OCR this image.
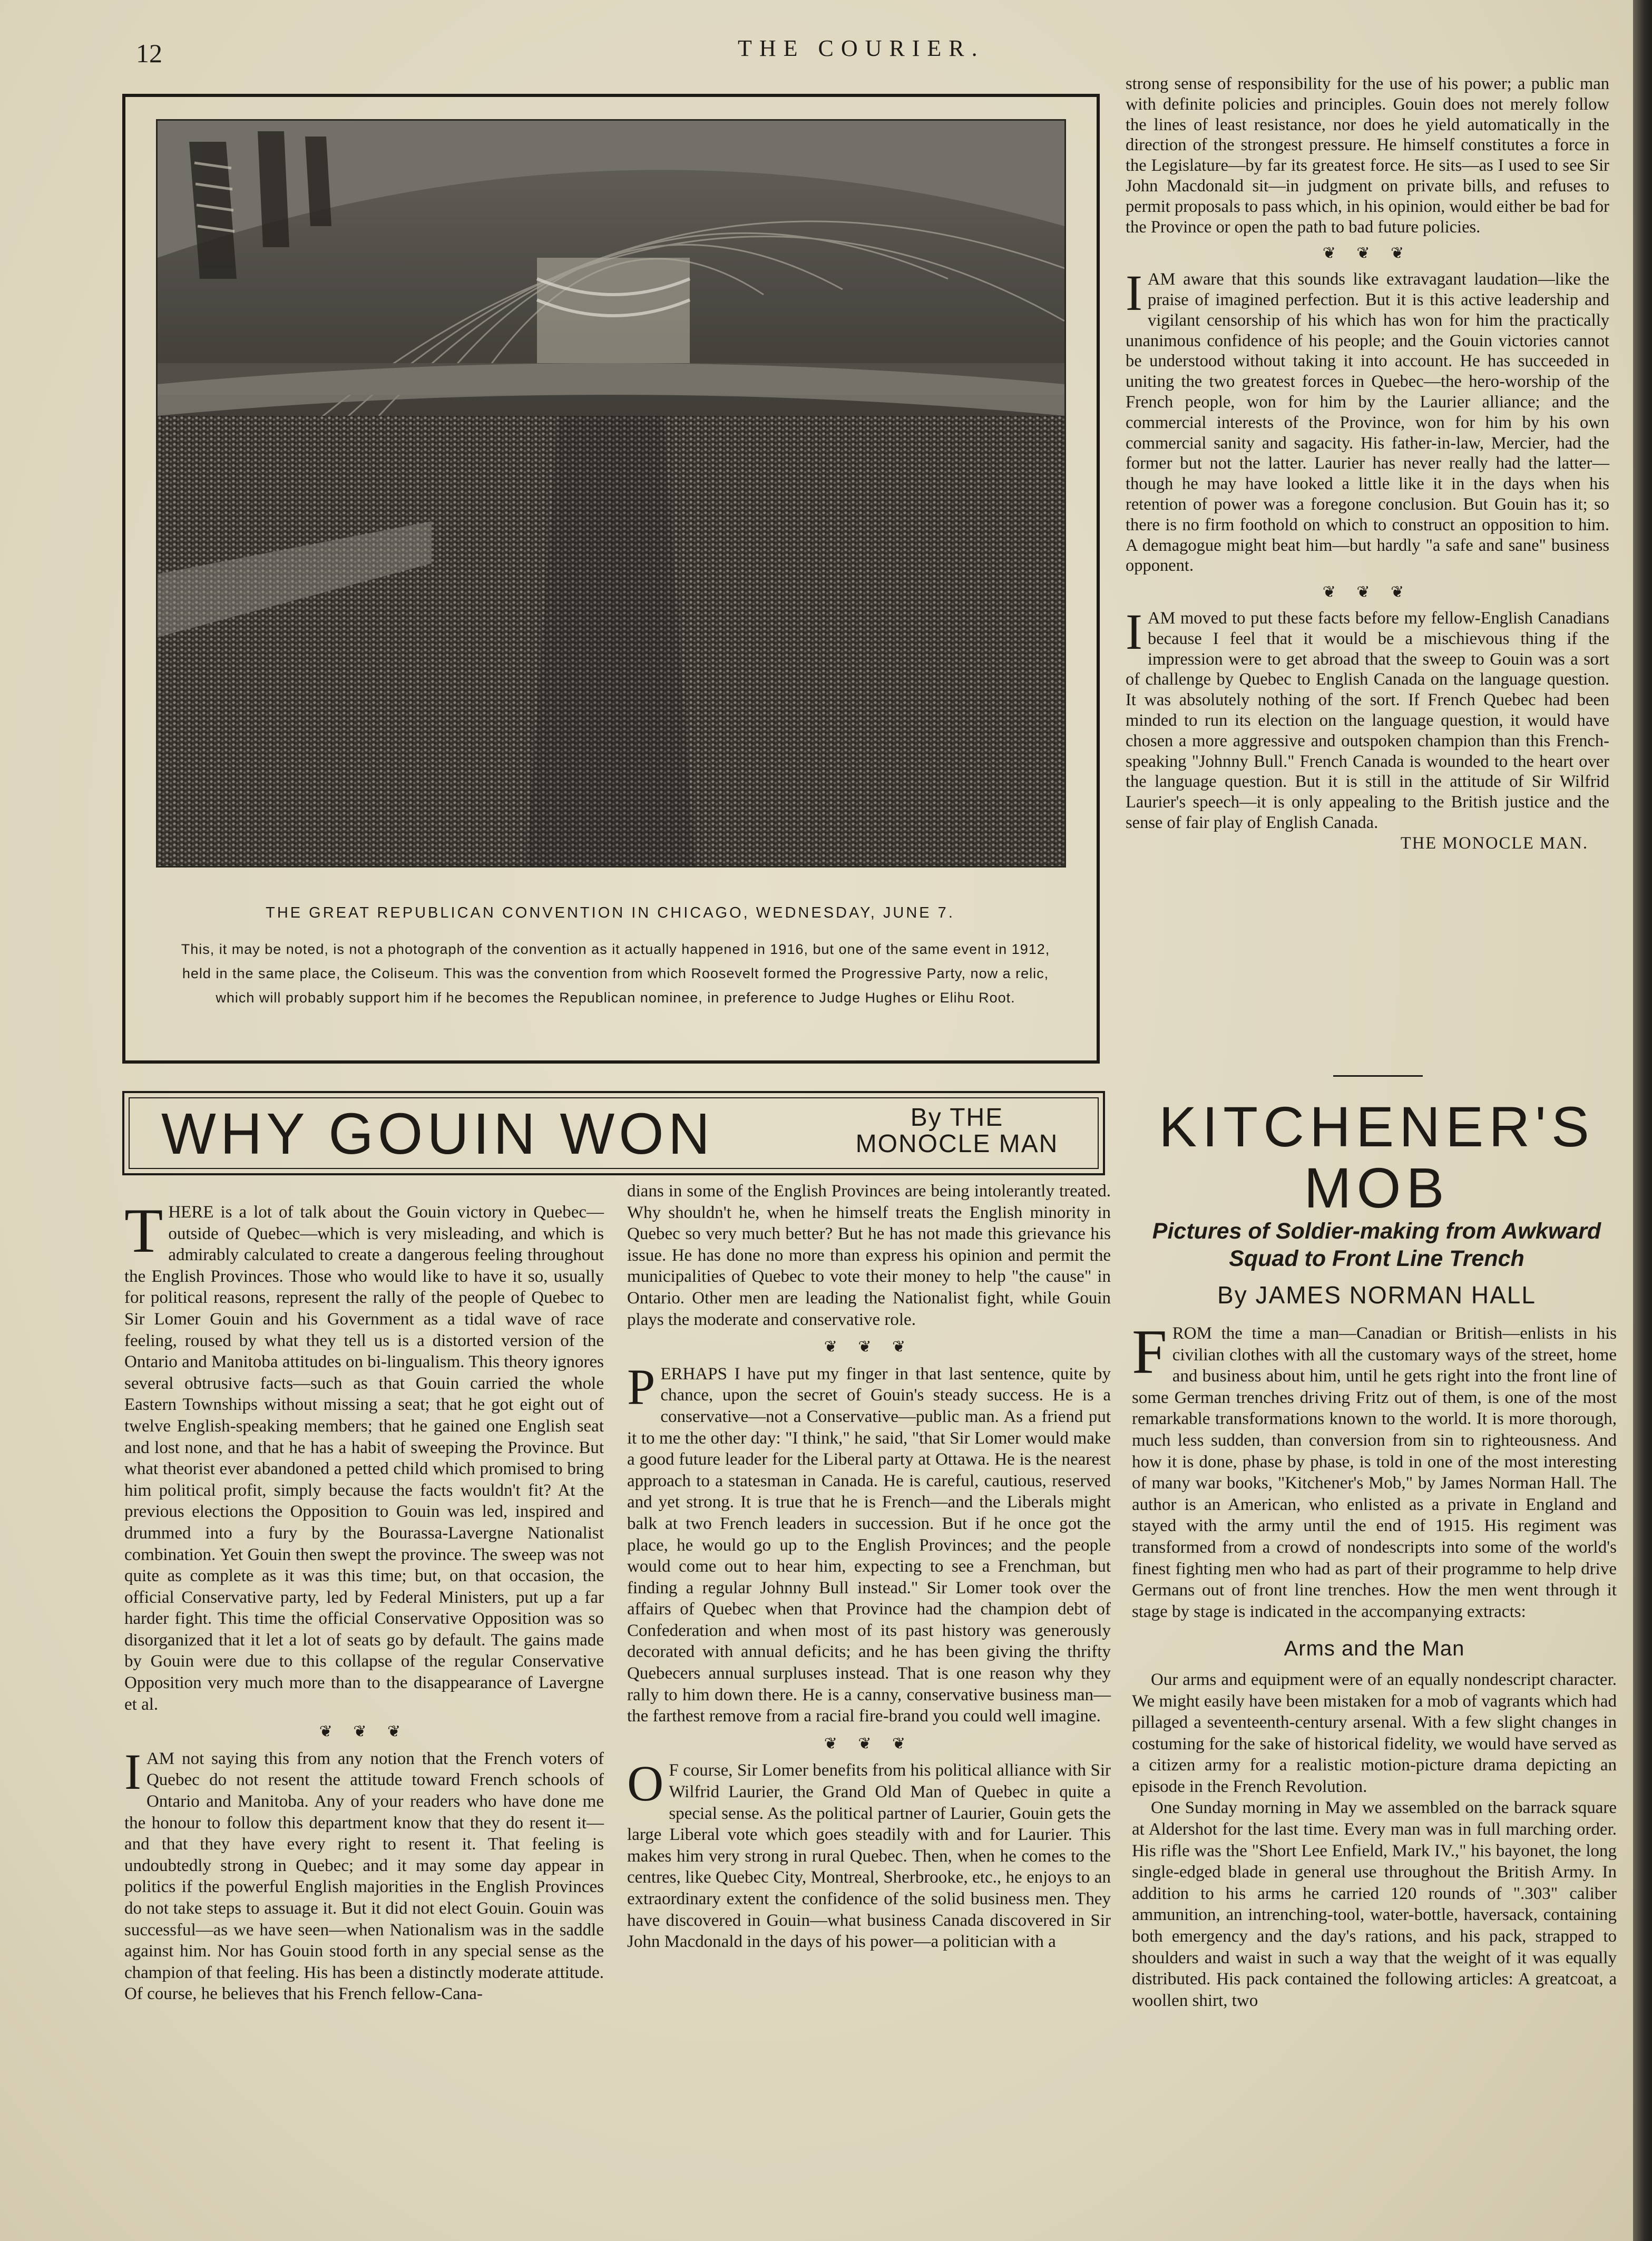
12	THE COURIER.
THE GREAT REPUBLICAN CONVENTION IN CHICAGO, WEDNESDAY, JUNE 7.
This, it may be noted, is not a photograph of the convention as it actually happened in 1916, but one of the same event in 1912, held in the same place, the Coliseum. This was the convention from which Roosevelt formed the Progressive Party, now a relic, which will probably support him if he becomes the Republican nominee, in preference to Judge Hughes or Elihu Root.

strong sense of responsibility for the use of his power; a public man with definite policies and principles. Gouin does not merely follow the lines of least resistance, nor does he yield automatically in the direction of the strongest pressure. He himself constitutes a force in the Legislature—by far its greatest force. He sits—as I used to see Sir John Macdonald sit—in judgment on private bills, and refuses to permit proposals to pass which, in his opinion, would either be bad for the Province or open the path to bad future policies.

❦ ❦ ❦

IAM aware that this sounds like extravagant laudation—like the praise of imagined perfection. But it is this active leadership and vigilant censorship of his which has won for him the practically unanimous confidence of his people; and the Gouin victories cannot be understood without taking it into account. He has succeeded in uniting the two greatest forces in Quebec—the hero-worship of the French people, won for him by the Laurier alliance; and the commercial interests of the Province, won for him by his own commercial sanity and sagacity. His father-in-law, Mercier, had the former but not the latter. Laurier has never really had the latter—though he may have looked a little like it in the days when his retention of power was a foregone conclusion. But Gouin has it; so there is no firm foothold on which to construct an opposition to him. A demagogue might beat him—but hardly "a safe and sane" business opponent.

❦ ❦ ❦

IAM moved to put these facts before my fellow-English Canadians because I feel that it would be a mischievous thing if the impression were to get abroad that the sweep to Gouin was a sort of challenge by Quebec to English Canada on the language question. It was absolutely nothing of the sort. If French Quebec had been minded to run its election on the language question, it would have chosen a more aggressive and outspoken champion than this French-speaking "Johnny Bull." French Canada is wounded to the heart over the language question. But it is still in the attitude of Sir Wilfrid Laurier's speech—it is only appealing to the British justice and the sense of fair play of English Canada.

THE MONOCLE MAN.
WHY GOUIN WON	By THE
MONOCLE MAN

THERE is a lot of talk about the Gouin victory in Quebec—outside of Quebec—which is very misleading, and which is admirably calculated to create a dangerous feeling throughout the English Provinces. Those who would like to have it so, usually for political reasons, represent the rally of the people of Quebec to Sir Lomer Gouin and his Government as a tidal wave of race feeling, roused by what they tell us is a distorted version of the Ontario and Manitoba attitudes on bi-lingualism. This theory ignores several obtrusive facts—such as that Gouin carried the whole Eastern Townships without missing a seat; that he got eight out of twelve English-speaking members; that he gained one English seat and lost none, and that he has a habit of sweeping the Province. But what theorist ever abandoned a petted child which promised to bring him political profit, simply because the facts wouldn't fit? At the previous elections the Opposition to Gouin was led, inspired and drummed into a fury by the Bourassa-Lavergne Nationalist combination. Yet Gouin then swept the province. The sweep was not quite as complete as it was this time; but, on that occasion, the official Conservative party, led by Federal Ministers, put up a far harder fight. This time the official Conservative Opposition was so disorganized that it let a lot of seats go by default. The gains made by Gouin were due to this collapse of the regular Conservative Opposition very much more than to the disappearance of Lavergne et al.

❦ ❦ ❦

IAM not saying this from any notion that the French voters of Quebec do not resent the attitude toward French schools of Ontario and Manitoba. Any of your readers who have done me the honour to follow this department know that they do resent it—and that they have every right to resent it. That feeling is undoubtedly strong in Quebec; and it may some day appear in politics if the powerful English majorities in the English Provinces do not take steps to assuage it. But it did not elect Gouin. Gouin was successful—as we have seen—when Nationalism was in the saddle against him. Nor has Gouin stood forth in any special sense as the champion of that feeling. His has been a distinctly moderate attitude. Of course, he believes that his French fellow-Cana-

dians in some of the English Provinces are being intolerantly treated. Why shouldn't he, when he himself treats the English minority in Quebec so very much better? But he has not made this grievance his issue. He has done no more than express his opinion and permit the municipalities of Quebec to vote their money to help "the cause" in Ontario. Other men are leading the Nationalist fight, while Gouin plays the moderate and conservative role.

❦ ❦ ❦

PERHAPS I have put my finger in that last sentence, quite by chance, upon the secret of Gouin's steady success. He is a conservative—not a Conservative—public man. As a friend put it to me the other day: "I think," he said, "that Sir Lomer would make a good future leader for the Liberal party at Ottawa. He is the nearest approach to a statesman in Canada. He is careful, cautious, reserved and yet strong. It is true that he is French—and the Liberals might balk at two French leaders in succession. But if he once got the place, he would go up to the English Provinces; and the people would come out to hear him, expecting to see a Frenchman, but finding a regular Johnny Bull instead." Sir Lomer took over the affairs of Quebec when that Province had the champion debt of Confederation and when most of its past history was generously decorated with annual deficits; and he has been giving the thrifty Quebecers annual surpluses instead. That is one reason why they rally to him down there. He is a canny, conservative business man—the farthest remove from a racial fire-brand you could well imagine.

❦ ❦ ❦

O F course, Sir Lomer benefits from his political alliance with Sir Wilfrid Laurier, the Grand Old Man of Quebec in quite a special sense. As the political partner of Laurier, Gouin gets the large Liberal vote which goes steadily with and for Laurier. This makes him very strong in rural Quebec. Then, when he comes to the centres, like Quebec City, Montreal, Sherbrooke, etc., he enjoys to an extraordinary extent the confidence of the solid business men. They have discovered in Gouin—what business Canada discovered in Sir John Macdonald in the days of his power—a politician with a

KITCHENER'S
MOB
Pictures of Soldier-making from Awkward Squad to Front Line Trench
By JAMES NORMAN HALL

FROM the time a man—Canadian or British—enlists in his civilian clothes with all the customary ways of the street, home and business about him, until he gets right into the front line of some German trenches driving Fritz out of them, is one of the most remarkable transformations known to the world. It is more thorough, much less sudden, than conversion from sin to righteousness. And how it is done, phase by phase, is told in one of the most interesting of many war books, "Kitchener's Mob," by James Norman Hall. The author is an American, who enlisted as a private in England and stayed with the army until the end of 1915. His regiment was transformed from a crowd of nondescripts into some of the world's finest fighting men who had as part of their programme to help drive Germans out of front line trenches. How the men went through it stage by stage is indicated in the accompanying extracts:

Arms and the Man

Our arms and equipment were of an equally nondescript character. We might easily have been mistaken for a mob of vagrants which had pillaged a seventeenth-century arsenal. With a few slight changes in costuming for the sake of historical fidelity, we would have served as a citizen army for a realistic motion-picture drama depicting an episode in the French Revolution.

One Sunday morning in May we assembled on the barrack square at Aldershot for the last time. Every man was in full marching order. His rifle was the "Short Lee Enfield, Mark IV.," his bayonet, the long single-edged blade in general use throughout the British Army. In addition to his arms he carried 120 rounds of ".303" caliber ammunition, an intrenching-tool, water-bottle, haversack, containing both emergency and the day's rations, and his pack, strapped to shoulders and waist in such a way that the weight of it was equally distributed. His pack contained the following articles: A greatcoat, a woollen shirt, two
